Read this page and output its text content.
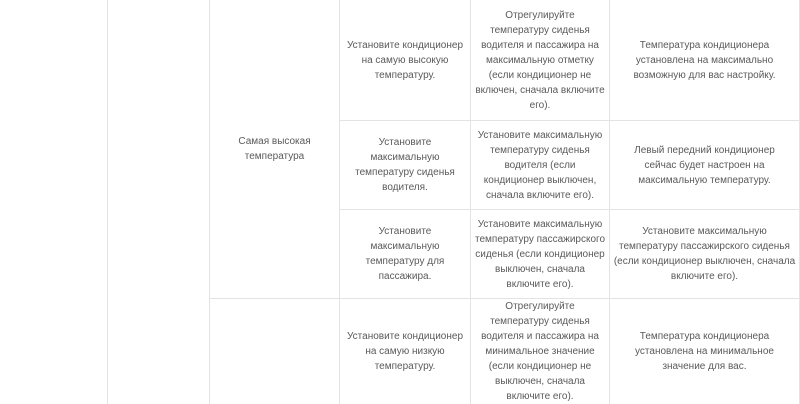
Самая высокая температура
Установите кондиционер на самую высокую температуру.
Отрегулируйте температуру сиденья водителя и пассажира на максимальную отметку (если кондиционер не включен, сначала включите его).
Температура кондиционера установлена на максимально возможную для вас настройку.
Установите максимальную температуру сиденья водителя.
Установите максимальную температуру сиденья водителя (если кондиционер выключен, сначала включите его).
Левый передний кондиционер сейчас будет настроен на максимальную температуру.
Установите максимальную температуру для пассажира.
Установите максимальную температуру пассажирского сиденья (если кондиционер выключен, сначала включите его).
Установите максимальную температуру пассажирского сиденья (если кондиционер выключен, сначала включите его).
Установите кондиционер на самую низкую температуру.
Отрегулируйте температуру сиденья водителя и пассажира на минимальное значение (если кондиционер не выключен, сначала включите его).
Температура кондиционера установлена на минимальное значение для вас.
